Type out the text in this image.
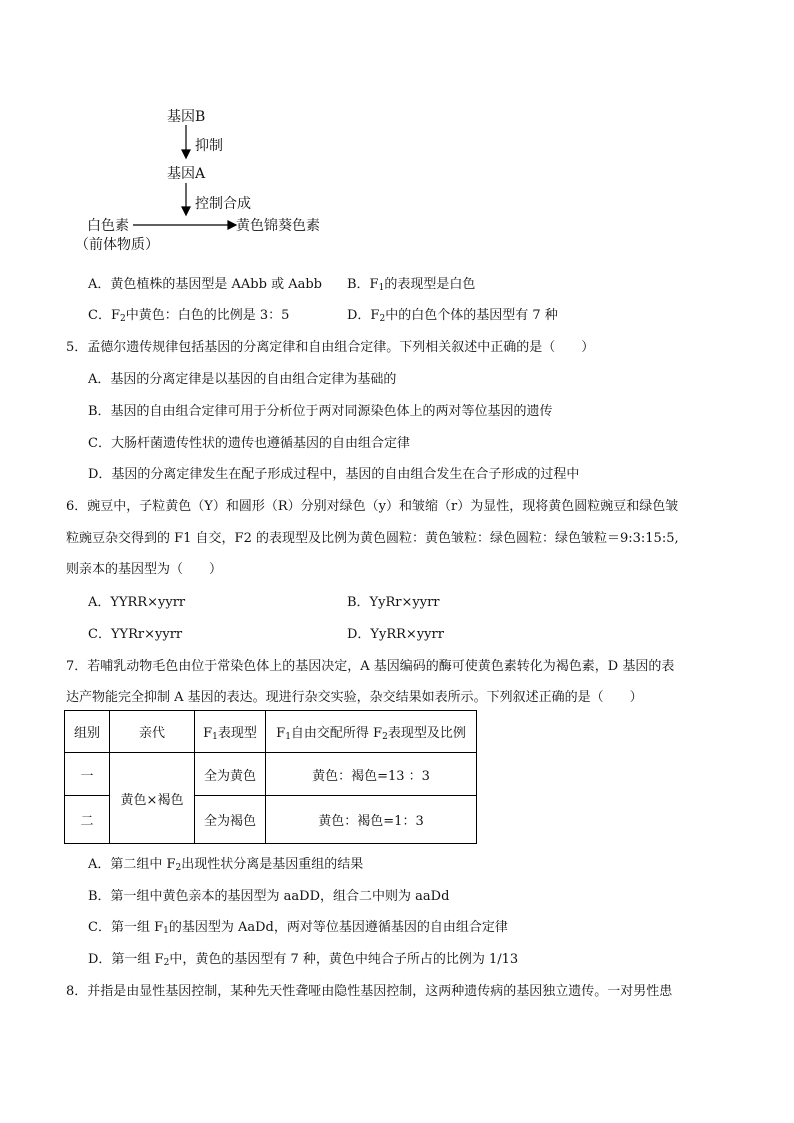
基因B
抑制
基因A
控制合成
白色素
（前体物质）
黄色锦葵色素
A．黄色植株的基因型是 AAbb 或 Aabb B．$F_1$的表现型是白色
C．$F_2$中黄色：白色的比例是 3：5	D．$F_2$中的白色个体的基因型有 7 种
5．孟德尔遗传规律包括基因的分离定律和自由组合定律。下列相关叙述中正确的是（　　）
A．基因的分离定律是以基因的自由组合定律为基础的
B．基因的自由组合定律可用于分析位于两对同源染色体上的两对等位基因的遗传
C．大肠杆菌遗传性状的遗传也遵循基因的自由组合定律
D．基因的分离定律发生在配子形成过程中，基因的自由组合发生在合子形成的过程中
6．豌豆中，子粒黄色（Y）和圆形（R）分别对绿色（y）和皱缩（r）为显性，现将黄色圆粒豌豆和绿色皱
粒豌豆杂交得到的 F1 自交，F2 的表现型及比例为黄色圆粒：黄色皱粒：绿色圆粒：绿色皱粒＝9:3:15:5,
则亲本的基因型为（　　）
A．YYRR×yyrr	B．YyRr×yyrr
C．YYRr×yyrr	D．YyRR×yyrr
7．若哺乳动物毛色由位于常染色体上的基因决定，A 基因编码的酶可使黄色素转化为褐色素，D 基因的表
达产物能完全抑制 A 基因的表达。现进行杂交实验，杂交结果如表所示。下列叙述正确的是（　　）
组别	亲代	$F_1$表现型	$F_1$自由交配所得 $F_2$表现型及比例
一	黄色×褐色	全为黄色	黄色：褐色=13 ：3
二		全为褐色	黄色：褐色=1：3
A．第二组中 $F_2$出现性状分离是基因重组的结果
B．第一组中黄色亲本的基因型为 aaDD，组合二中则为 aaDd
C．第一组 $F_1$的基因型为 AaDd，两对等位基因遵循基因的自由组合定律
D．第一组 $F_2$中，黄色的基因型有 7 种，黄色中纯合子所占的比例为 1/13
8．并指是由显性基因控制，某种先天性聋哑由隐性基因控制，这两种遗传病的基因独立遗传。一对男性患
